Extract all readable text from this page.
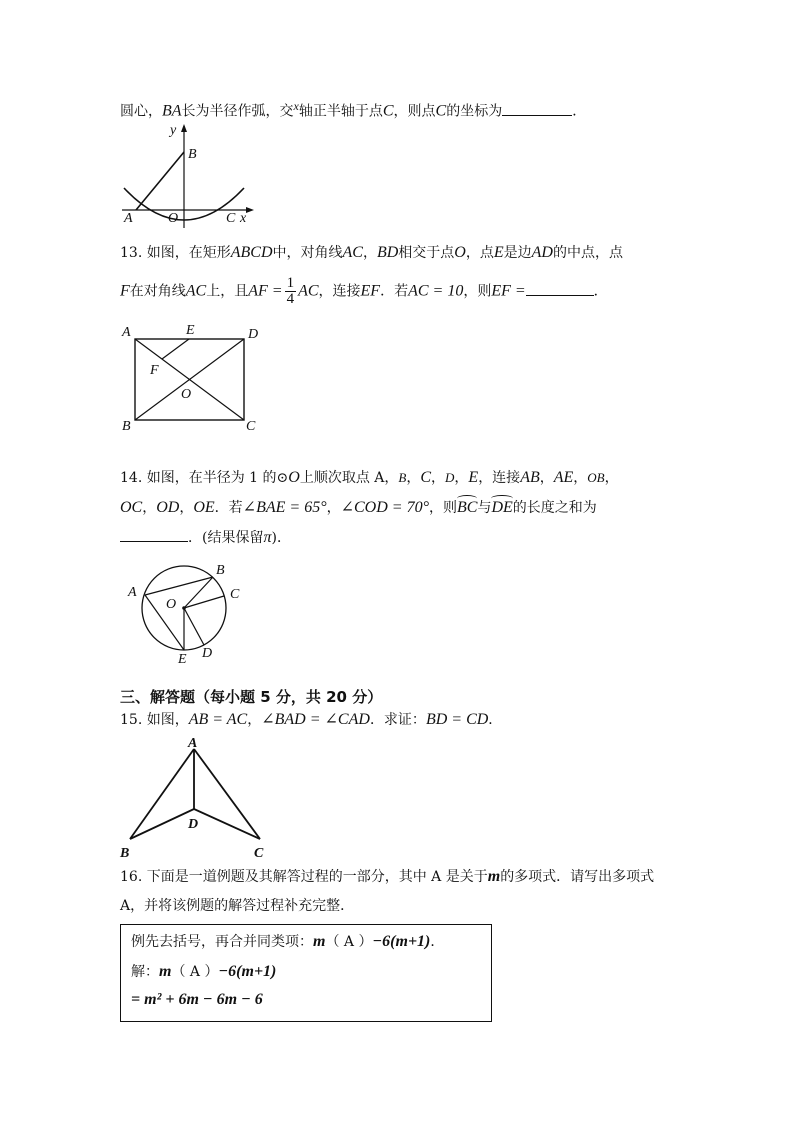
圆心，BA长为半径作弧，交x轴正半轴于点C，则点C的坐标为	．
y
B
A	O	C x
13. 如图，在矩形ABCD中，对角线AC，BD相交于点O，点E是边AD的中点，点
F在对角线AC上，且AF = $\frac{1}{4}$ AC，连接EF．若AC = 10，则EF =	．
A	E	D
F
O
B	C
14. 如图，在半径为 1 的⊙O上顺次取点 A，B，C，D，E，连接AB，AE，OB，
OC，OD，OE．若∠BAE = 65°，∠COD = 70°，则BC与DE的长度之和为
．(结果保留π)．
A
B
C
O
E D
三、解答题（每小题 5 分，共 20 分）
15. 如图，AB = AC，∠BAD = ∠CAD．求证：BD = CD．
A
D
B	C
16. 下面是一道例题及其解答过程的一部分，其中 A 是关于m的多项式．请写出多项式
A，并将该例题的解答过程补充完整．
例先去括号，再合并同类项：m（ A ）−6(m+1)．
解：m（ A ）−6(m+1)
= m² + 6m − 6m − 6
